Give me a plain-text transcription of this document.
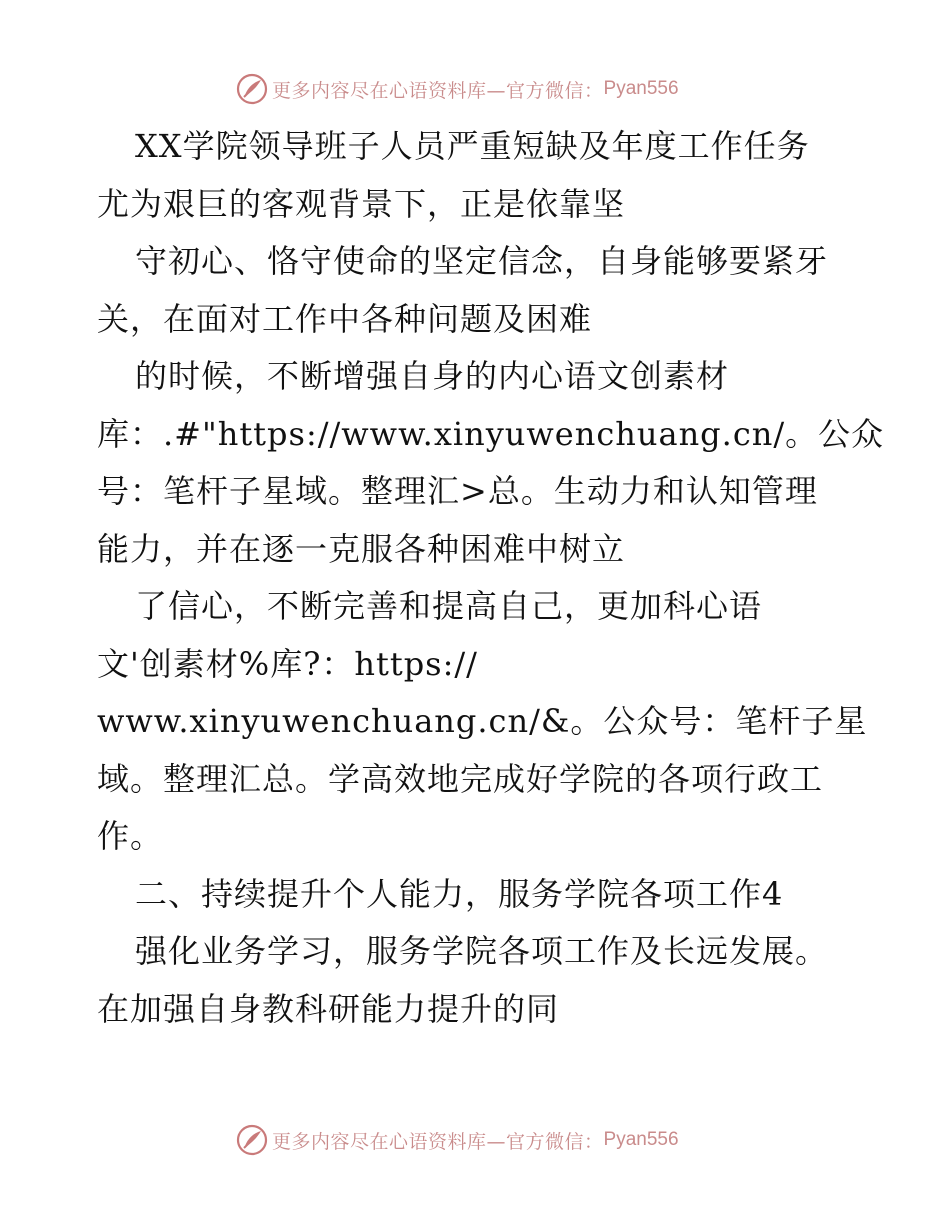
更多内容尽在心语资料库—官方微信： Pyan556
XX学院领导班子人员严重短缺及年度工作任务
尤为艰巨的客观背景下，正是依靠坚
守初心、恪守使命的坚定信念，自身能够要紧牙
关，在面对工作中各种问题及困难
的时候，不断增强自身的内心语文创素材
库：.#"https://www.xinyuwenchuang.cn/。公众
号：笔杆子星域。整理汇>总。生动力和认知管理
能力，并在逐一克服各种困难中树立
了信心，不断完善和提高自己，更加科心语
文'创素材%库?：https://
www.xinyuwenchuang.cn/&。公众号：笔杆子星
域。整理汇总。学高效地完成好学院的各项行政工
作。
二、持续提升个人能力，服务学院各项工作4
强化业务学习，服务学院各项工作及长远发展。
在加强自身教科研能力提升的同
更多内容尽在心语资料库—官方微信： Pyan556
